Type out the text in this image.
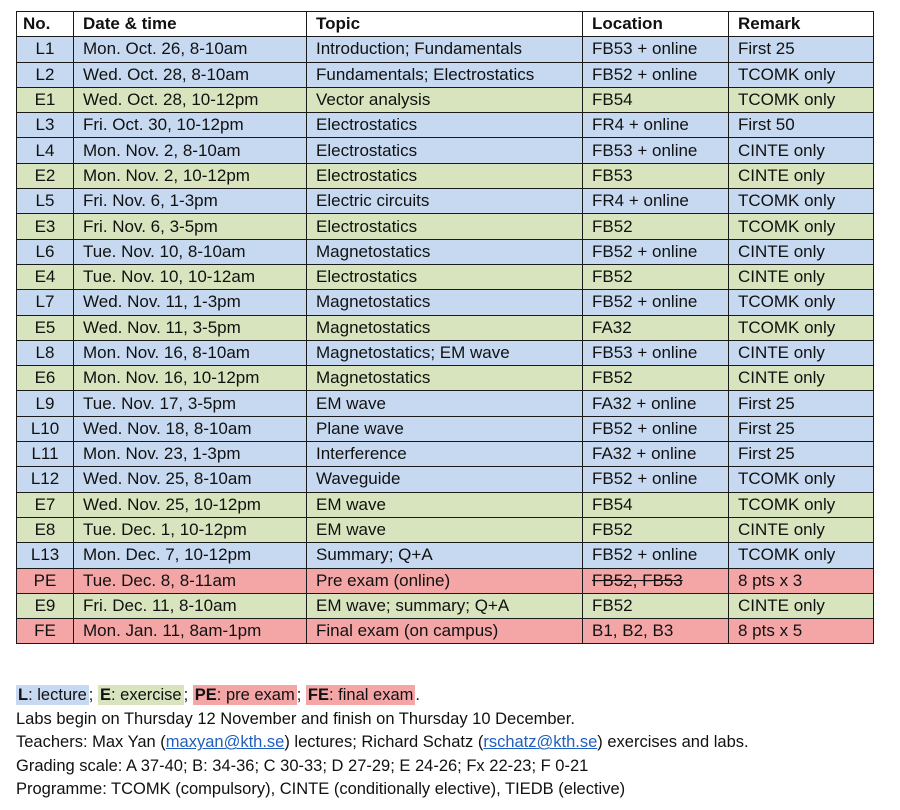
No.	Date & time	Topic	Location	Remark
L1	Mon. Oct. 26, 8-10am	Introduction; Fundamentals	FB53 + online	First 25
L2	Wed. Oct. 28, 8-10am	Fundamentals; Electrostatics	FB52 + online	TCOMK only
E1	Wed. Oct. 28, 10-12pm	Vector analysis	FB54	TCOMK only
L3	Fri. Oct. 30, 10-12pm	Electrostatics	FR4 + online	First 50
L4	Mon. Nov. 2, 8-10am	Electrostatics	FB53 + online	CINTE only
E2	Mon. Nov. 2, 10-12pm	Electrostatics	FB53	CINTE only
L5	Fri. Nov. 6, 1-3pm	Electric circuits	FR4 + online	TCOMK only
E3	Fri. Nov. 6, 3-5pm	Electrostatics	FB52	TCOMK only
L6	Tue. Nov. 10, 8-10am	Magnetostatics	FB52 + online	CINTE only
E4	Tue. Nov. 10, 10-12am	Electrostatics	FB52	CINTE only
L7	Wed. Nov. 11, 1-3pm	Magnetostatics	FB52 + online	TCOMK only
E5	Wed. Nov. 11, 3-5pm	Magnetostatics	FA32	TCOMK only
L8	Mon. Nov. 16, 8-10am	Magnetostatics; EM wave	FB53 + online	CINTE only
E6	Mon. Nov. 16, 10-12pm	Magnetostatics	FB52	CINTE only
L9	Tue. Nov. 17, 3-5pm	EM wave	FA32 + online	First 25
L10	Wed. Nov. 18, 8-10am	Plane wave	FB52 + online	First 25
L11	Mon. Nov. 23, 1-3pm	Interference	FA32 + online	First 25
L12	Wed. Nov. 25, 8-10am	Waveguide	FB52 + online	TCOMK only
E7	Wed. Nov. 25, 10-12pm	EM wave	FB54	TCOMK only
E8	Tue. Dec. 1, 10-12pm	EM wave	FB52	CINTE only
L13	Mon. Dec. 7, 10-12pm	Summary; Q+A	FB52 + online	TCOMK only
PE	Tue. Dec. 8, 8-11am	Pre exam (online)	FB52, FB53	8 pts x 3
E9	Fri. Dec. 11, 8-10am	EM wave; summary; Q+A	FB52	CINTE only
FE	Mon. Jan. 11, 8am-1pm	Final exam (on campus)	B1, B2, B3	8 pts x 5
L: lecture ; E: exercise ; PE: pre exam ; FE: final exam .
Labs begin on Thursday 12 November and finish on Thursday 10 December.
Teachers: Max Yan (maxyan@kth.se) lectures; Richard Schatz (rschatz@kth.se) exercises and labs.
Grading scale: A 37-40; B: 34-36; C 30-33; D 27-29; E 24-26; Fx 22-23; F 0-21
Programme: TCOMK (compulsory), CINTE (conditionally elective), TIEDB (elective)
